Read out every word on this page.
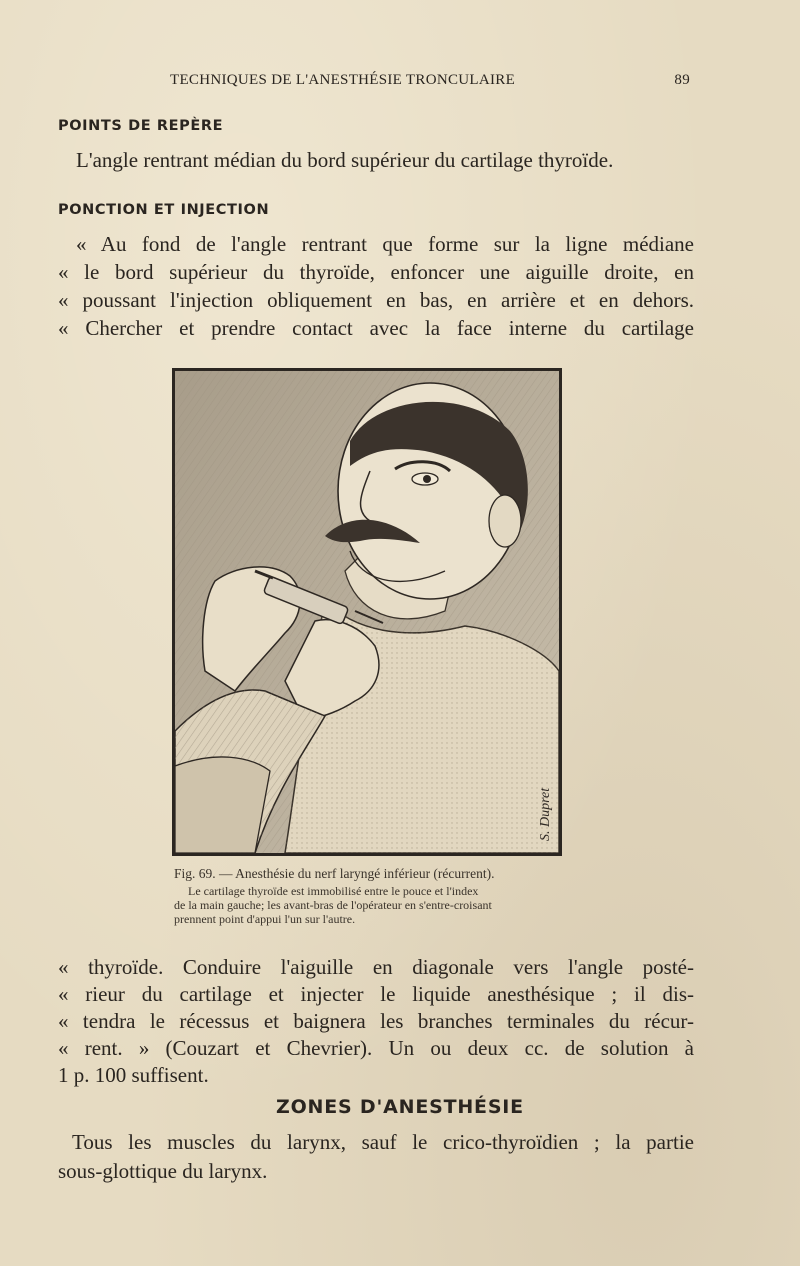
TECHNIQUES DE L'ANESTHÉSIE TRONCULAIRE	89
POINTS DE REPÈRE

L'angle rentrant médian du bord supérieur du cartilage thyroïde.

PONCTION ET INJECTION

« Au fond de l'angle rentrant que forme sur la ligne médiane
« le bord supérieur du thyroïde, enfoncer une aiguille droite, en
« poussant l'injection obliquement en bas, en arrière et en dehors.
« Chercher et prendre contact avec la face interne du cartilage

S. Dupret
Fig. 69. — Anesthésie du nerf laryngé inférieur (récurrent).
Le cartilage thyroïde est immobilisé entre le pouce et l'index
de la main gauche; les avant-bras de l'opérateur en s'entre-croisant
prennent point d'appui l'un sur l'autre.

« thyroïde. Conduire l'aiguille en diagonale vers l'angle posté-
« rieur du cartilage et injecter le liquide anesthésique ; il dis-
« tendra le récessus et baignera les branches terminales du récur-
« rent. » (Couzart et Chevrier). Un ou deux cc. de solution à
1 p. 100 suffisent.

ZONES D'ANESTHÉSIE

Tous les muscles du larynx, sauf le crico-thyroïdien ; la partie
sous-glottique du larynx.
